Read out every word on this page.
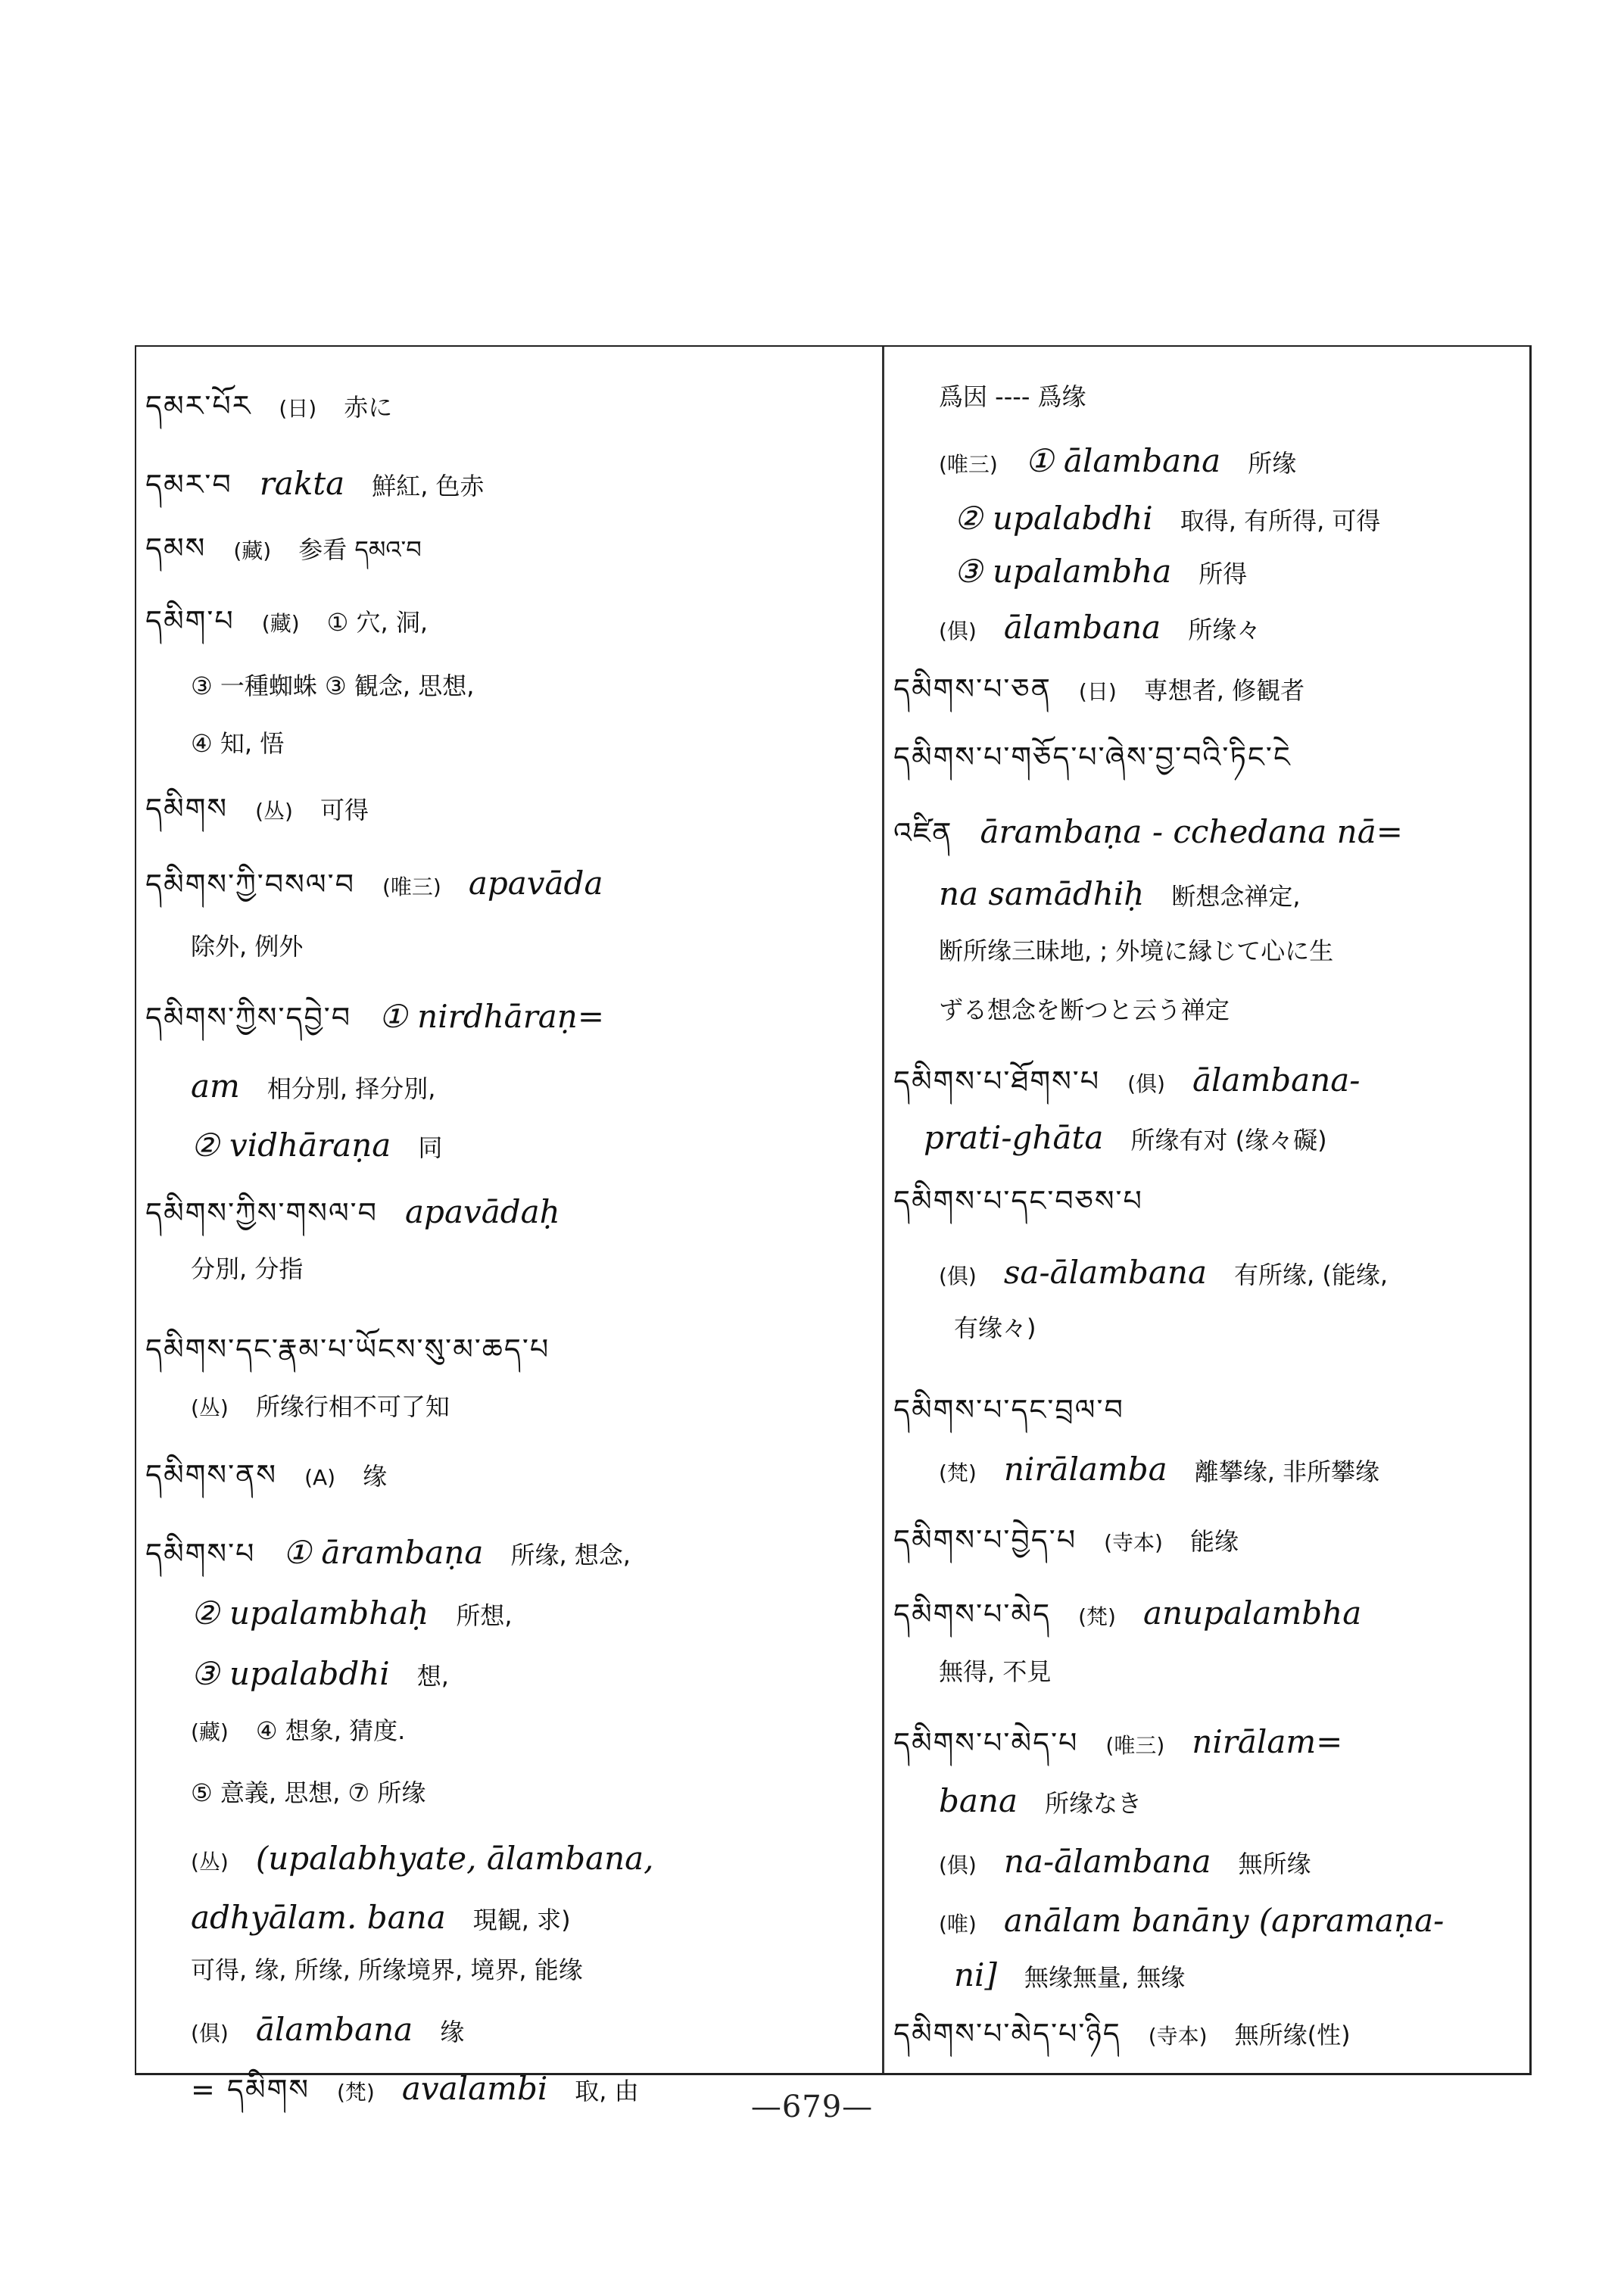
དམར་པོར (日) 赤に
དམར་བ rakta 鮮紅, 色赤
དམས (藏) 参看 དམའ་བ
དམིག་པ (藏) ① 穴, 洞,
③ 一種蜘蛛 ③ 観念, 思想,
④ 知, 悟
དམིགས (丛) 可得
དམིགས་ཀྱི་བསལ་བ (唯三) apavāda
除外, 例外
དམིགས་ཀྱིས་དབྱེ་བ ① nirdhāraṇ=
am 相分別, 择分別,
② vidhāraṇa 同
དམིགས་ཀྱིས་གསལ་བ apavādaḥ
分別, 分指
དམིགས་དང་རྣམ་པ་ཡོངས་སུ་མ་ཆད་པ
(丛) 所缘行相不可了知
དམིགས་ནས (A) 缘
དམིགས་པ ① ārambaṇa 所缘, 想念,
② upalambhaḥ 所想,
③ upalabdhi 想,
(藏) ④ 想象, 猜度.
⑤ 意義, 思想, ⑦ 所缘
(丛) (upalabhyate, ālambana,
adhyālam. bana 現観, 求)
可得, 缘, 所缘, 所缘境界, 境界, 能缘
(俱) ālambana 缘
= དམིགས (梵) avalambi 取, 由
爲因 ---- 爲缘
(唯三) ① ālambana 所缘
② upalabdhi 取得, 有所得, 可得
③ upalambha 所得
(俱) ālambana 所缘々
དམིགས་པ་ཅན (日) 専想者, 修観者
དམིགས་པ་གཅོད་པ་ཞེས་བྱ་བའི་ཏིང་ངེ
འཛིན ārambaṇa - cchedana nā=
na samādhiḥ 断想念禅定,
断所缘三昧地, ; 外境に縁じて心に生
ずる想念を断つと云う禅定
དམིགས་པ་ཐོགས་པ (俱) ālambana-
prati-ghāta 所缘有对 (缘々礙)
དམིགས་པ་དང་བཅས་པ
(俱) sa-ālambana 有所缘, (能缘,
有缘々)
དམིགས་པ་དང་བྲལ་བ
(梵) nirālamba 離攀缘, 非所攀缘
དམིགས་པ་བྱེད་པ (寺本) 能缘
དམིགས་པ་མེད (梵) anupalambha
無得, 不見
དམིགས་པ་མེད་པ (唯三) nirālam=
bana 所缘なき
(俱) na-ālambana 無所缘
(唯) anālam banāny (apramaṇa-
ni] 無缘無量, 無缘
དམིགས་པ་མེད་པ་ཉིད (寺本) 無所缘(性)
—679—
